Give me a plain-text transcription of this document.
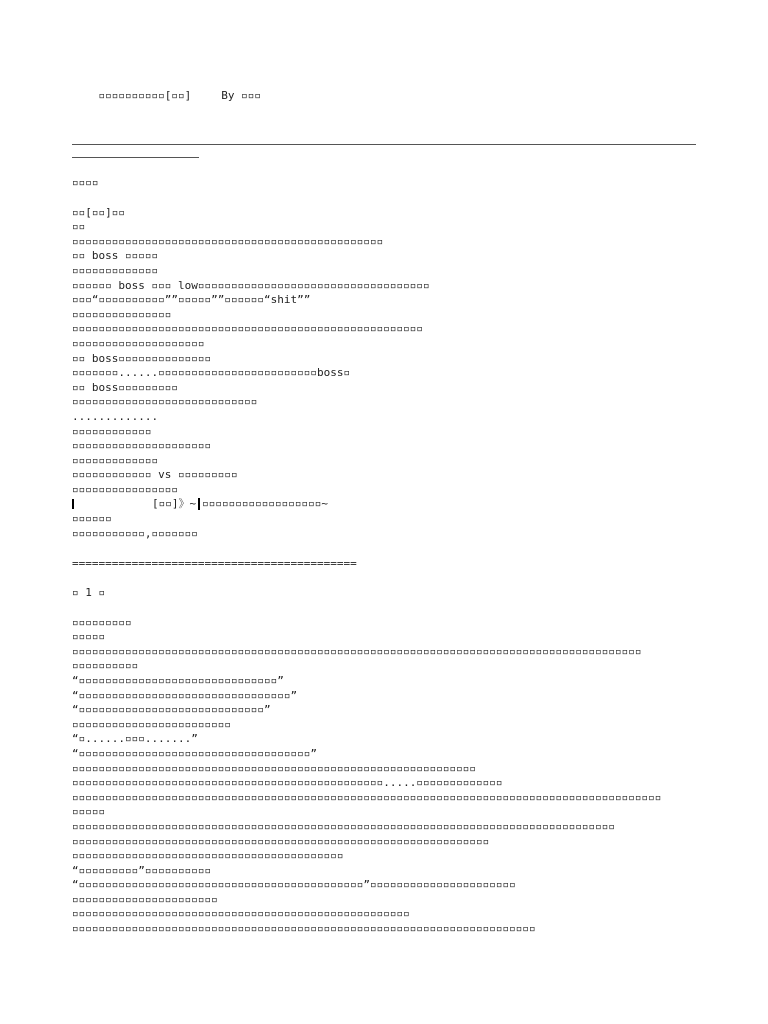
▫▫▫▫▫▫▫▫▫▫[▫▫]	By ▫▫▫

▫▫▫▫
▫▫[▫▫]▫▫
▫▫
▫▫▫▫▫▫▫▫▫▫▫▫▫▫▫▫▫▫▫▫▫▫▫▫▫▫▫▫▫▫▫▫▫▫▫▫▫▫▫▫▫▫▫▫▫▫▫
▫▫ boss ▫▫▫▫▫
▫▫▫▫▫▫▫▫▫▫▫▫▫
▫▫▫▫▫▫ boss ▫▫▫ low▫▫▫▫▫▫▫▫▫▫▫▫▫▫▫▫▫▫▫▫▫▫▫▫▫▫▫▫▫▫▫▫▫▫▫
▫▫▫“▫▫▫▫▫▫▫▫▫▫””▫▫▫▫▫””▫▫▫▫▫▫“shit””
▫▫▫▫▫▫▫▫▫▫▫▫▫▫▫
▫▫▫▫▫▫▫▫▫▫▫▫▫▫▫▫▫▫▫▫▫▫▫▫▫▫▫▫▫▫▫▫▫▫▫▫▫▫▫▫▫▫▫▫▫▫▫▫▫▫▫▫▫
▫▫▫▫▫▫▫▫▫▫▫▫▫▫▫▫▫▫▫▫
▫▫ boss▫▫▫▫▫▫▫▫▫▫▫▫▫▫
▫▫▫▫▫▫▫......▫▫▫▫▫▫▫▫▫▫▫▫▫▫▫▫▫▫▫▫▫▫▫▫boss▫
▫▫ boss▫▫▫▫▫▫▫▫▫
▫▫▫▫▫▫▫▫▫▫▫▫▫▫▫▫▫▫▫▫▫▫▫▫▫▫▫▫
.............
▫▫▫▫▫▫▫▫▫▫▫▫
▫▫▫▫▫▫▫▫▫▫▫▫▫▫▫▫▫▫▫▫▫
▫▫▫▫▫▫▫▫▫▫▫▫▫
▫▫▫▫▫▫▫▫▫▫▫▫ vs ▫▫▫▫▫▫▫▫▫
▫▫▫▫▫▫▫▫▫▫▫▫▫▫▫▫
[▫▫]》~ ▫▫▫▫▫▫▫▫▫▫▫▫▫▫▫▫▫▫~
▫▫▫▫▫▫
▫▫▫▫▫▫▫▫▫▫▫,▫▫▫▫▫▫▫
===========================================
▫ 1 ▫
▫▫▫▫▫▫▫▫▫
▫▫▫▫▫
▫▫▫▫▫▫▫▫▫▫▫▫▫▫▫▫▫▫▫▫▫▫▫▫▫▫▫▫▫▫▫▫▫▫▫▫▫▫▫▫▫▫▫▫▫▫▫▫▫▫▫▫▫▫▫▫▫▫▫▫▫▫▫▫▫▫▫▫▫▫▫▫▫▫▫▫▫▫▫▫▫▫▫▫▫▫
▫▫▫▫▫▫▫▫▫▫
“▫▫▫▫▫▫▫▫▫▫▫▫▫▫▫▫▫▫▫▫▫▫▫▫▫▫▫▫▫▫”
“▫▫▫▫▫▫▫▫▫▫▫▫▫▫▫▫▫▫▫▫▫▫▫▫▫▫▫▫▫▫▫▫”
“▫▫▫▫▫▫▫▫▫▫▫▫▫▫▫▫▫▫▫▫▫▫▫▫▫▫▫▫”
▫▫▫▫▫▫▫▫▫▫▫▫▫▫▫▫▫▫▫▫▫▫▫▫
“▫......▫▫▫.......”
“▫▫▫▫▫▫▫▫▫▫▫▫▫▫▫▫▫▫▫▫▫▫▫▫▫▫▫▫▫▫▫▫▫▫▫”
▫▫▫▫▫▫▫▫▫▫▫▫▫▫▫▫▫▫▫▫▫▫▫▫▫▫▫▫▫▫▫▫▫▫▫▫▫▫▫▫▫▫▫▫▫▫▫▫▫▫▫▫▫▫▫▫▫▫▫▫▫
▫▫▫▫▫▫▫▫▫▫▫▫▫▫▫▫▫▫▫▫▫▫▫▫▫▫▫▫▫▫▫▫▫▫▫▫▫▫▫▫▫▫▫▫▫▫▫.....▫▫▫▫▫▫▫▫▫▫▫▫▫
▫▫▫▫▫▫▫▫▫▫▫▫▫▫▫▫▫▫▫▫▫▫▫▫▫▫▫▫▫▫▫▫▫▫▫▫▫▫▫▫▫▫▫▫▫▫▫▫▫▫▫▫▫▫▫▫▫▫▫▫▫▫▫▫▫▫▫▫▫▫▫▫▫▫▫▫▫▫▫▫▫▫▫▫▫▫▫▫▫
▫▫▫▫▫
▫▫▫▫▫▫▫▫▫▫▫▫▫▫▫▫▫▫▫▫▫▫▫▫▫▫▫▫▫▫▫▫▫▫▫▫▫▫▫▫▫▫▫▫▫▫▫▫▫▫▫▫▫▫▫▫▫▫▫▫▫▫▫▫▫▫▫▫▫▫▫▫▫▫▫▫▫▫▫▫▫▫
▫▫▫▫▫▫▫▫▫▫▫▫▫▫▫▫▫▫▫▫▫▫▫▫▫▫▫▫▫▫▫▫▫▫▫▫▫▫▫▫▫▫▫▫▫▫▫▫▫▫▫▫▫▫▫▫▫▫▫▫▫▫▫
▫▫▫▫▫▫▫▫▫▫▫▫▫▫▫▫▫▫▫▫▫▫▫▫▫▫▫▫▫▫▫▫▫▫▫▫▫▫▫▫▫
“▫▫▫▫▫▫▫▫▫”▫▫▫▫▫▫▫▫▫▫
“▫▫▫▫▫▫▫▫▫▫▫▫▫▫▫▫▫▫▫▫▫▫▫▫▫▫▫▫▫▫▫▫▫▫▫▫▫▫▫▫▫▫▫”▫▫▫▫▫▫▫▫▫▫▫▫▫▫▫▫▫▫▫▫▫▫
▫▫▫▫▫▫▫▫▫▫▫▫▫▫▫▫▫▫▫▫▫▫
▫▫▫▫▫▫▫▫▫▫▫▫▫▫▫▫▫▫▫▫▫▫▫▫▫▫▫▫▫▫▫▫▫▫▫▫▫▫▫▫▫▫▫▫▫▫▫▫▫▫▫
▫▫▫▫▫▫▫▫▫▫▫▫▫▫▫▫▫▫▫▫▫▫▫▫▫▫▫▫▫▫▫▫▫▫▫▫▫▫▫▫▫▫▫▫▫▫▫▫▫▫▫▫▫▫▫▫▫▫▫▫▫▫▫▫▫▫▫▫▫▫
